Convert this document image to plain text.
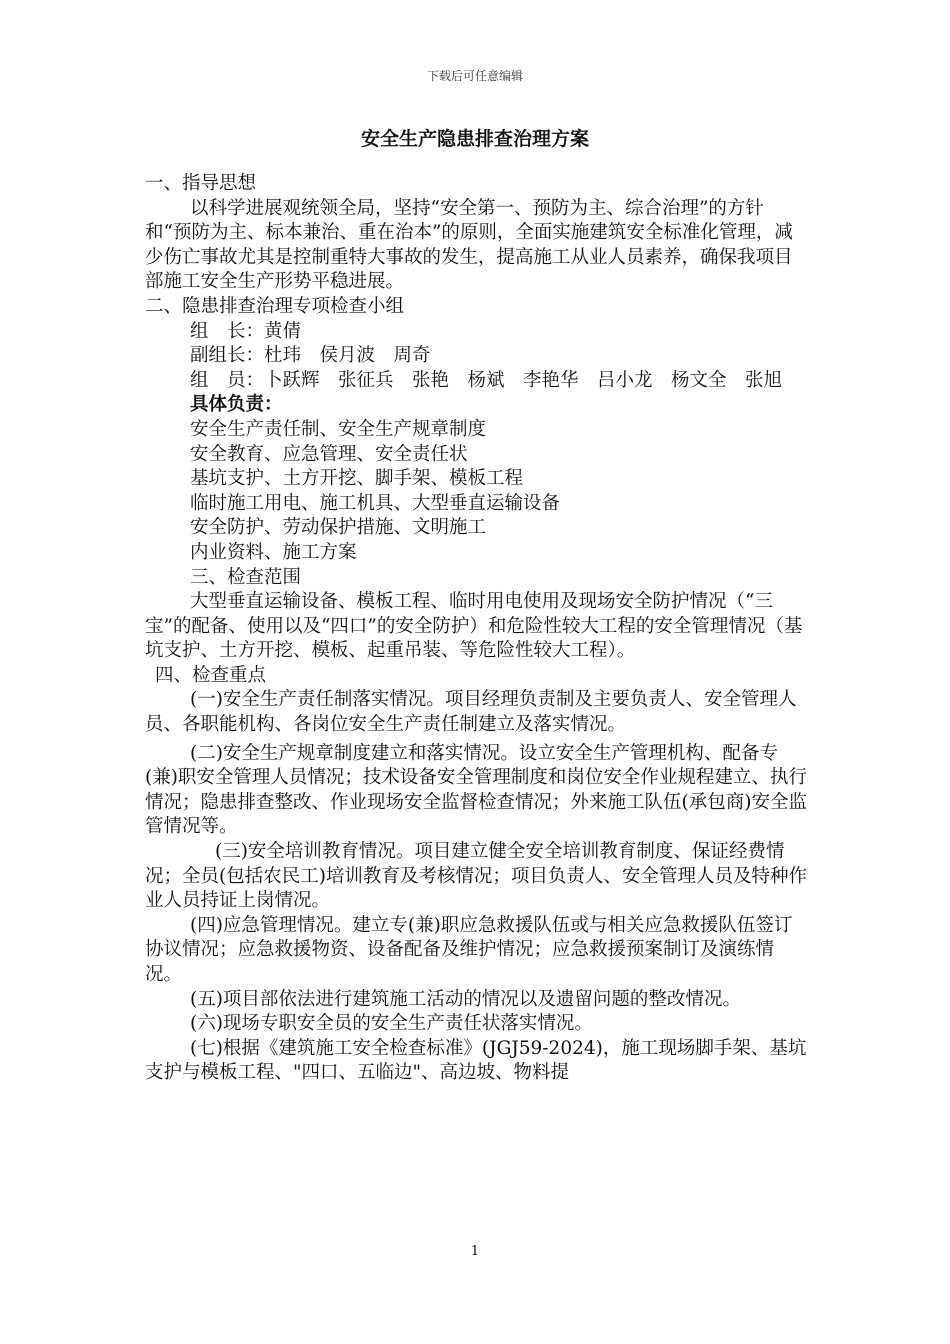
下载后可任意编辑
安全生产隐患排查治理方案

一、指导思想

以科学进展观统领全局，坚持“安全第一、预防为主、综合治理”的方针和“预防为主、标本兼治、重在治本”的原则，全面实施建筑安全标准化管理，减少伤亡事故尤其是控制重特大事故的发生，提高施工从业人员素养，确保我项目部施工安全生产形势平稳进展。

二、隐患排查治理专项检查小组

组　长：黄倩

副组长：杜玮　侯月波　周奇

组　员：卜跃辉　张征兵　张艳　杨斌　李艳华　吕小龙　杨文全　张旭

具体负责：

安全生产责任制、安全生产规章制度

安全教育、应急管理、安全责任状

基坑支护、土方开挖、脚手架、模板工程

临时施工用电、施工机具、大型垂直运输设备

安全防护、劳动保护措施、文明施工

内业资料、施工方案

三、检查范围

大型垂直运输设备、模板工程、临时用电使用及现场安全防护情况（“三宝”的配备、使用以及“四口”的安全防护）和危险性较大工程的安全管理情况（基坑支护、土方开挖、模板、起重吊装、等危险性较大工程）。

四、检查重点

(一)安全生产责任制落实情况。项目经理负责制及主要负责人、安全管理人员、各职能机构、各岗位安全生产责任制建立及落实情况。

(二)安全生产规章制度建立和落实情况。设立安全生产管理机构、配备专(兼)职安全管理人员情况；技术设备安全管理制度和岗位安全作业规程建立、执行情况；隐患排查整改、作业现场安全监督检查情况；外来施工队伍(承包商)安全监管情况等。

(三)安全培训教育情况。项目建立健全安全培训教育制度、保证经费情况；全员(包括农民工)培训教育及考核情况；项目负责人、安全管理人员及特种作业人员持证上岗情况。

(四)应急管理情况。建立专(兼)职应急救援队伍或与相关应急救援队伍签订协议情况；应急救援物资、设备配备及维护情况；应急救援预案制订及演练情况。

(五)项目部依法进行建筑施工活动的情况以及遗留问题的整改情况。

(六)现场专职安全员的安全生产责任状落实情况。

(七)根据《建筑施工安全检查标准》(JGJ59-2024)，施工现场脚手架、基坑支护与模板工程、"四口、五临边"、高边坡、物料提

1
